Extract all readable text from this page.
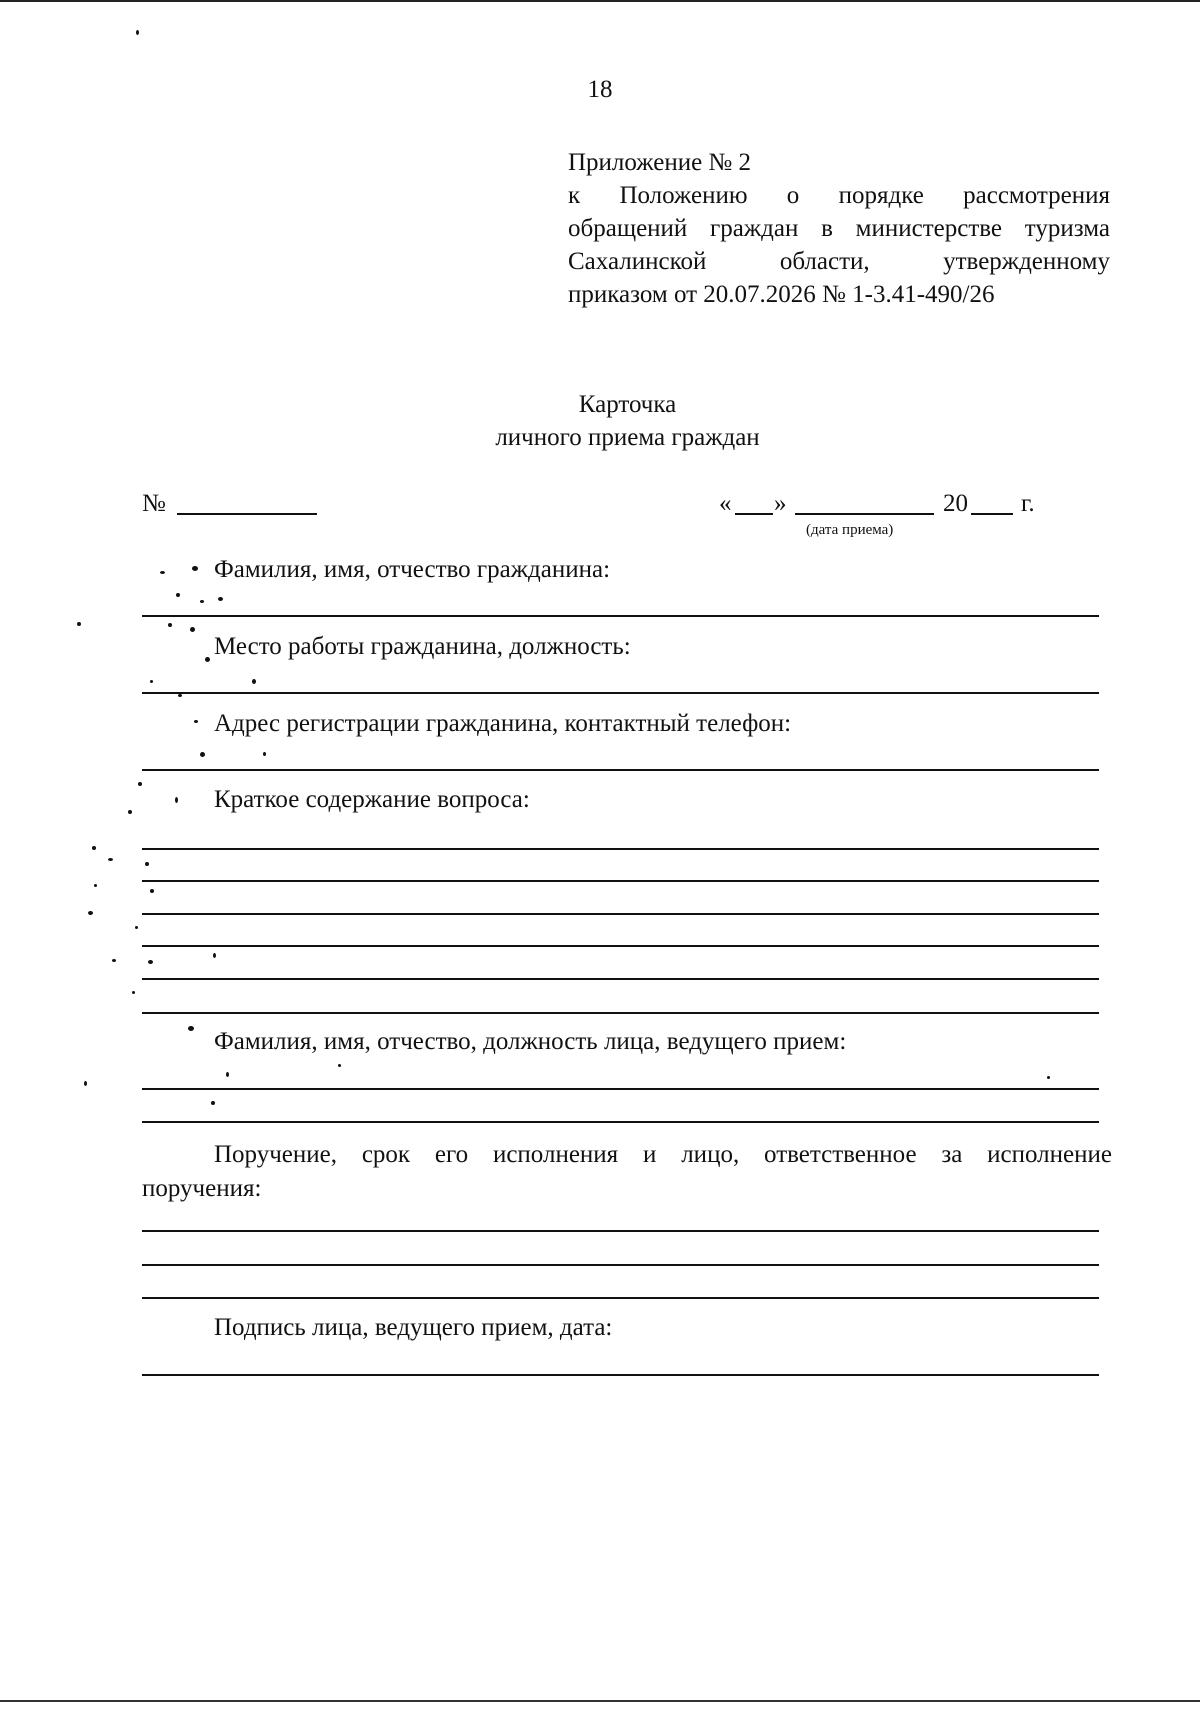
18
Приложение № 2
к Положению о порядке рассмотрения
обращений граждан в министерстве туризма
Сахалинской области, утвержденному
приказом от 20.07.2026 № 1-3.41-490/26
Карточка
личного приема граждан
№	« »	20 г.
(дата приема)
Фамилия, имя, отчество гражданина:
Место работы гражданина, должность:
Адрес регистрации гражданина, контактный телефон:
Краткое содержание вопроса:
Фамилия, имя, отчество, должность лица, ведущего прием:
Поручение, срок его исполнения и лицо, ответственное за исполнение
поручения:
Подпись лица, ведущего прием, дата:
